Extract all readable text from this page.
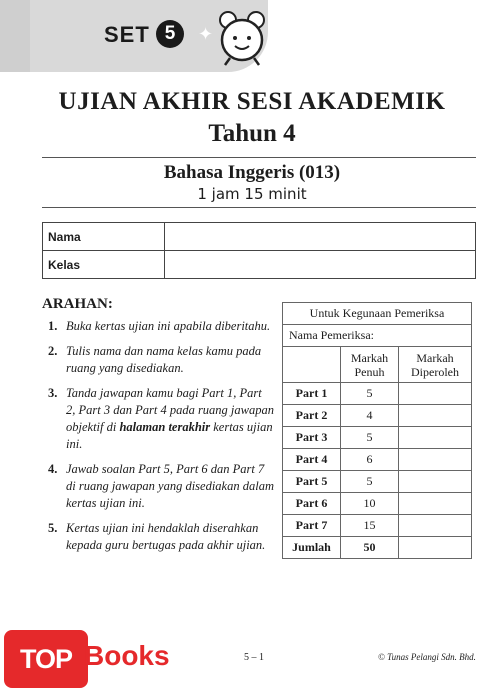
SET 5	✦
UJIAN AKHIR SESI AKADEMIK
Tahun 4
Bahasa Inggeris (013)
1 jam 15 minit
Nama	
Kelas	
ARAHAN:
1. Buka kertas ujian ini apabila diberitahu.
2. Tulis nama dan nama kelas kamu pada ruang yang disediakan.
3. Tanda jawapan kamu bagi Part 1, Part 2, Part 3 dan Part 4 pada ruang jawapan objektif di halaman terakhir kertas ujian ini.
4. Jawab soalan Part 5, Part 6 dan Part 7 di ruang jawapan yang disediakan dalam kertas ujian ini.
5. Kertas ujian ini hendaklah diserahkan kepada guru bertugas pada akhir ujian.
Untuk Kegunaan Pemeriksa		
Nama Pemeriksa:		
	Markah Penuh	Markah Diperoleh
Part 1	5	
Part 2	4	
Part 3	5	
Part 4	6	
Part 5	5	
Part 6	10	
Part 7	15	
Jumlah	50	
5 – 1	© Tunas Pelangi Sdn. Bhd.
TOP Books
